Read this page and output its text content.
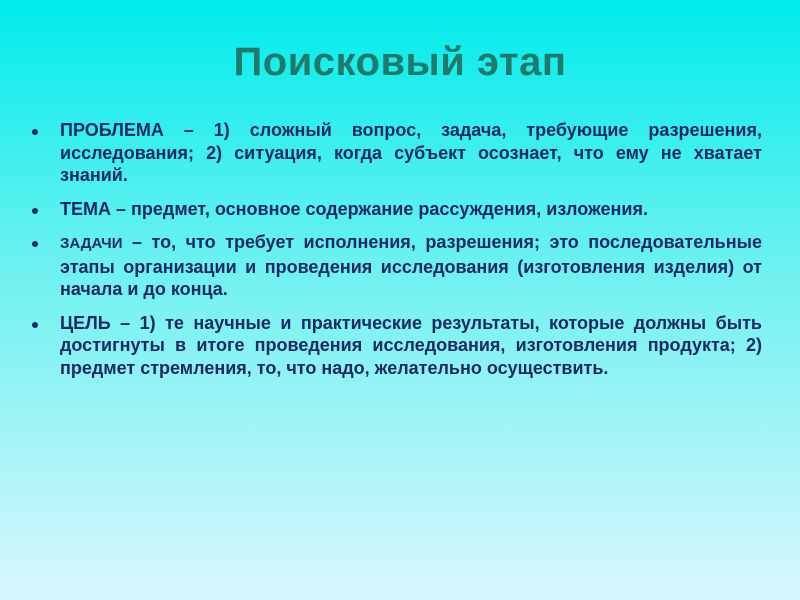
Поисковый этап
ПРОБЛЕМА – 1) сложный вопрос, задача, требующие разрешения, исследования; 2) ситуация, когда субъект осознает, что ему не хватает знаний.
ТЕМА – предмет, основное содержание рассуждения, изложения.
ЗАДАЧИ – то, что требует исполнения, разрешения; это последовательные этапы организации и проведения исследования (изготовления изделия) от начала и до конца.
ЦЕЛЬ – 1) те научные и практические результаты, которые должны быть достигнуты в итоге проведения исследования, изготовления продукта; 2) предмет стремления, то, что надо, желательно осуществить.
